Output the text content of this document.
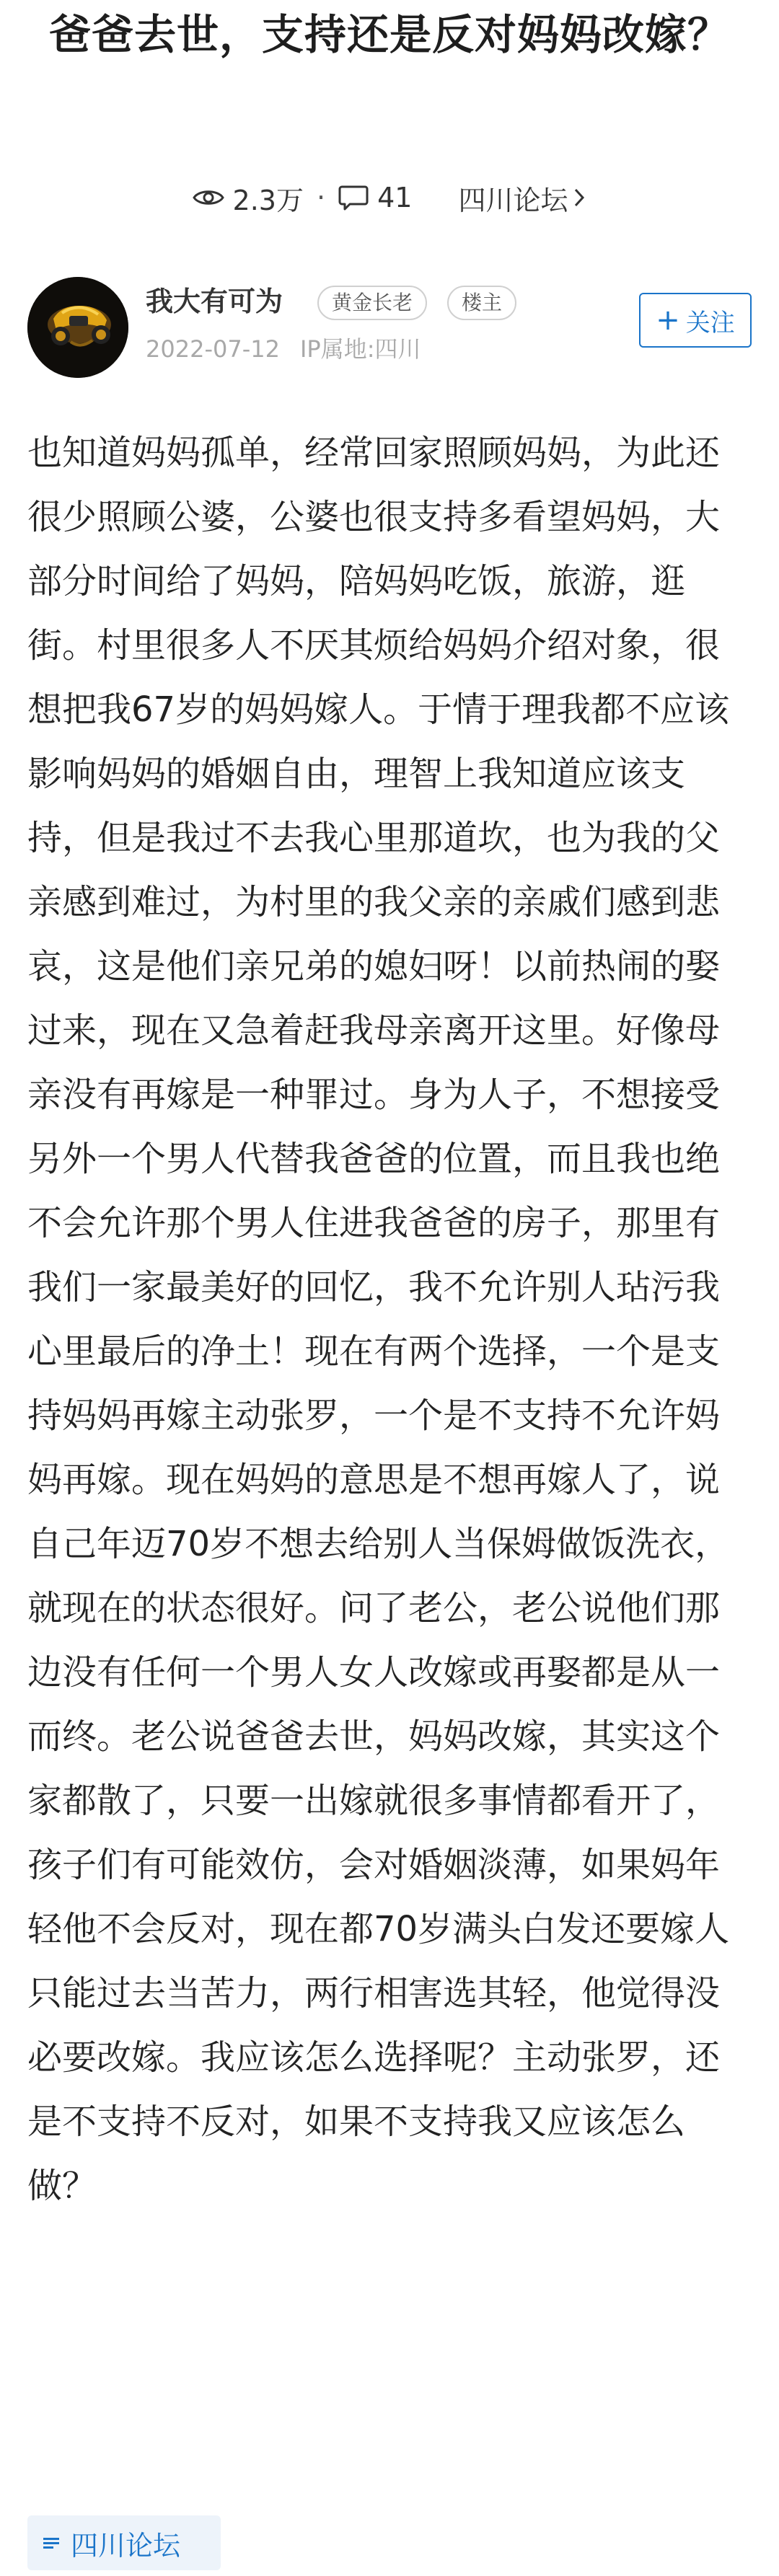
爸爸去世，支持还是反对妈妈改嫁？
2.3万 · 41 四川论坛
我大有可为	黄金长老	楼主
2022-07-12 IP属地:四川
+ 关注

也知道妈妈孤单，经常回家照顾妈妈，为此还很少照顾公婆，公婆也很支持多看望妈妈，大部分时间给了妈妈，陪妈妈吃饭，旅游，逛街。村里很多人不厌其烦给妈妈介绍对象，很想把我67岁的妈妈嫁人。于情于理我都不应该影响妈妈的婚姻自由，理智上我知道应该支持，但是我过不去我心里那道坎，也为我的父亲感到难过，为村里的我父亲的亲戚们感到悲哀，这是他们亲兄弟的媳妇呀！以前热闹的娶过来，现在又急着赶我母亲离开这里。好像母亲没有再嫁是一种罪过。身为人子，不想接受另外一个男人代替我爸爸的位置，而且我也绝不会允许那个男人住进我爸爸的房子，那里有我们一家最美好的回忆，我不允许别人玷污我心里最后的净土！现在有两个选择，一个是支持妈妈再嫁主动张罗，一个是不支持不允许妈妈再嫁。现在妈妈的意思是不想再嫁人了，说自己年迈70岁不想去给别人当保姆做饭洗衣，就现在的状态很好。问了老公，老公说他们那边没有任何一个男人女人改嫁或再娶都是从一而终。老公说爸爸去世，妈妈改嫁，其实这个家都散了，只要一出嫁就很多事情都看开了，孩子们有可能效仿，会对婚姻淡薄，如果妈年轻他不会反对，现在都70岁满头白发还要嫁人只能过去当苦力，两行相害选其轻，他觉得没必要改嫁。我应该怎么选择呢？主动张罗，还是不支持不反对，如果不支持我又应该怎么做？

四川论坛
